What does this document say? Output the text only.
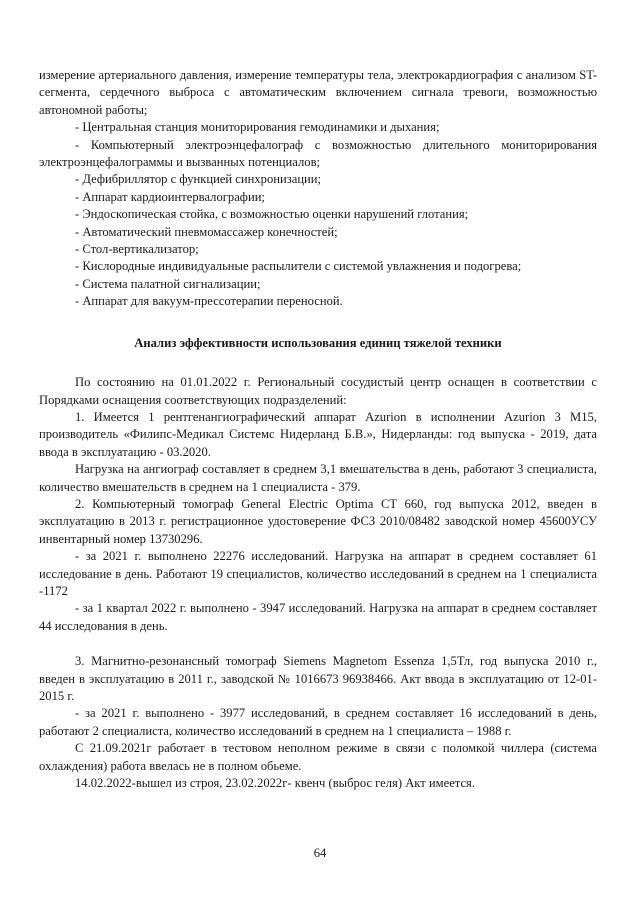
измерение артериального давления, измерение температуры тела, электрокардиография с анализом ST-сегмента, сердечного выброса с автоматическим включением сигнала тревоги, возможностью автономной работы;

- Центральная станция мониторирования гемодинамики и дыхания;

- Компьютерный электроэнцефалограф с возможностью длительного мониторирования электроэнцефалограммы и вызванных потенциалов;

- Дефибриллятор с функцией синхронизации;

- Аппарат кардиоинтервалографии;

- Эндоскопическая стойка, с возможностью оценки нарушений глотания;

- Автоматический пневмомассажер конечностей;

- Стол-вертикализатор;

- Кислородные индивидуальные распылители с системой увлажнения и подогрева;

- Система палатной сигнализации;

- Аппарат для вакуум-прессотерапии переносной.

Анализ эффективности использования единиц тяжелой техники

По состоянию на 01.01.2022 г. Региональный сосудистый центр оснащен в соответствии с Порядками оснащения соответствующих подразделений:

1. Имеется 1 рентгенангиографический аппарат Azurion в исполнении Azurion 3 M15, производитель «Филипс-Медикал Системс Нидерланд Б.В.», Нидерланды: год выпуска - 2019, дата ввода в эксплуатацию - 03.2020.

Нагрузка на ангиограф составляет в среднем 3,1 вмешательства в день, работают 3 специалиста, количество вмешательств в среднем на 1 специалиста - 379.

2. Компьютерный томограф General Electric Optima CT 660, год выпуска 2012, введен в эксплуатацию в 2013 г. регистрационное удостоверение ФСЗ 2010/08482 заводской номер 45600УСУ инвентарный номер 13730296.

- за 2021 г. выполнено 22276 исследований. Нагрузка на аппарат в среднем составляет 61 исследование в день. Работают 19 специалистов, количество исследований в среднем на 1 специалиста -1172

- за 1 квартал 2022 г. выполнено - 3947 исследований. Нагрузка на аппарат в среднем составляет 44 исследования в день.

3. Магнитно-резонансный томограф Siemens Magnetom Essenza 1,5Тл, год выпуска 2010 г., введен в эксплуатацию в 2011 г., заводской № 1016673 96938466. Акт ввода в эксплуатацию от 12-01-2015 г.

- за 2021 г. выполнено - 3977 исследований, в среднем составляет 16 исследований в день, работают 2 специалиста, количество исследований в среднем на 1 специалиста – 1988 г.

С 21.09.2021г работает в тестовом неполном режиме в связи с поломкой чиллера (система охлаждения) работа ввелась не в полном обьеме.

14.02.2022-вышел из строя, 23.02.2022г- квенч (выброс геля) Акт имеется.

64
